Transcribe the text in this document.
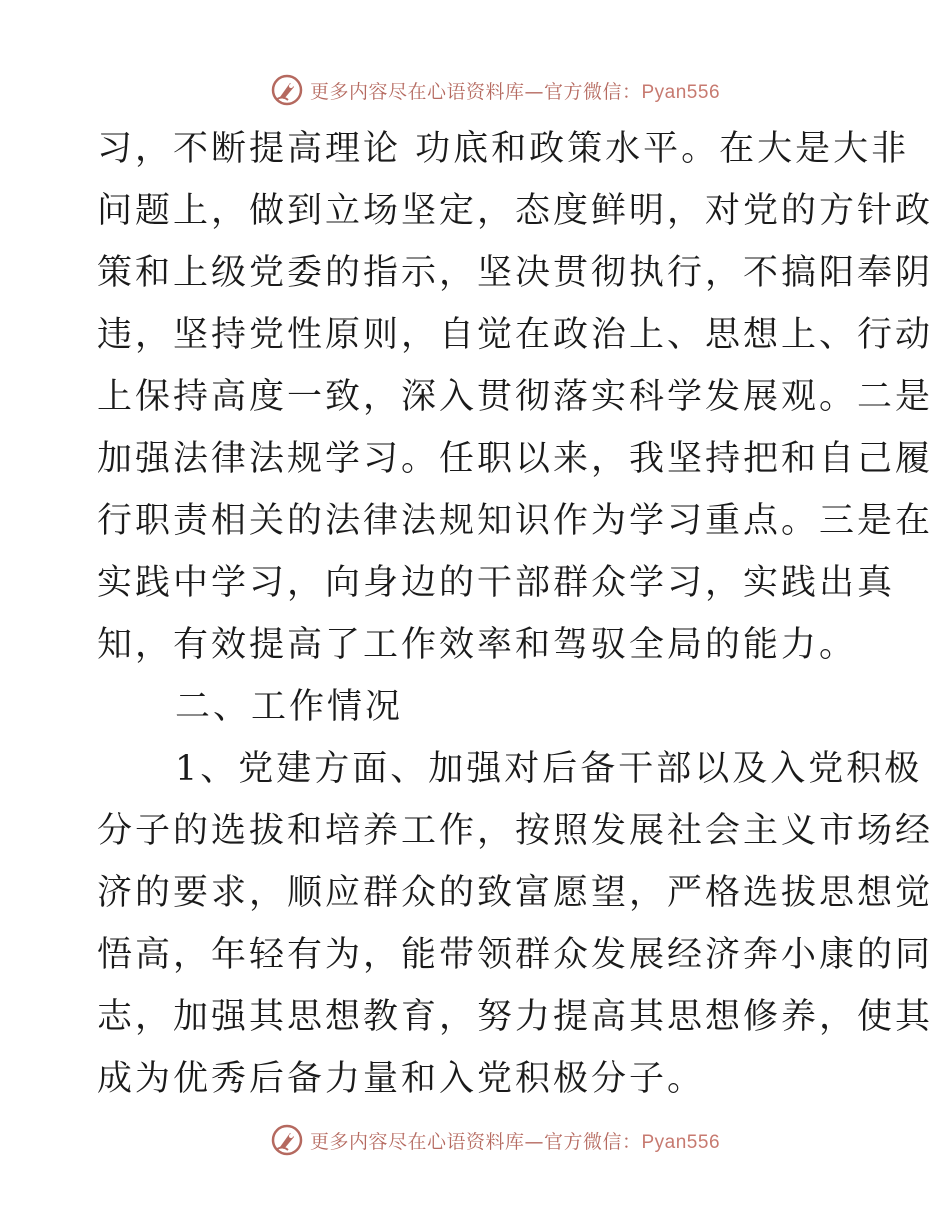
更多内容尽在心语资料库—官方微信：Pyan556
习，不断提高理论 功底和政策水平。在大是大非
问题上，做到立场坚定，态度鲜明，对党的方针政
策和上级党委的指示，坚决贯彻执行，不搞阳奉阴
违，坚持党性原则，自觉在政治上、思想上、行动
上保持高度一致，深入贯彻落实科学发展观。二是
加强法律法规学习。任职以来，我坚持把和自己履
行职责相关的法律法规知识作为学习重点。三是在
实践中学习，向身边的干部群众学习，实践出真
知，有效提高了工作效率和驾驭全局的能力。
二、工作情况
1、党建方面、加强对后备干部以及入党积极
分子的选拔和培养工作，按照发展社会主义市场经
济的要求，顺应群众的致富愿望，严格选拔思想觉
悟高，年轻有为，能带领群众发展经济奔小康的同
志，加强其思想教育，努力提高其思想修养，使其
成为优秀后备力量和入党积极分子。
更多内容尽在心语资料库—官方微信：Pyan556
